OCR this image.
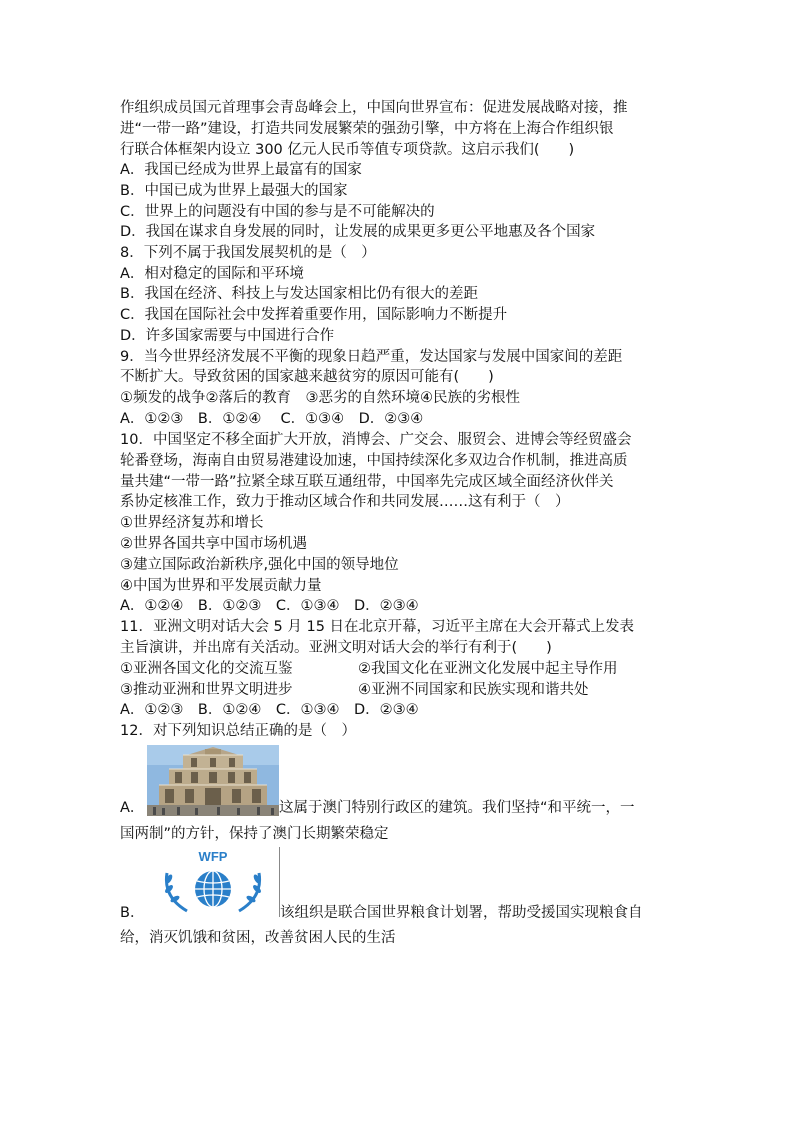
作组织成员国元首理事会青岛峰会上，中国向世界宣布：促进发展战略对接，推
进“一带一路”建设，打造共同发展繁荣的强劲引擎，中方将在上海合作组织银
行联合体框架内设立 300 亿元人民币等值专项贷款。这启示我们(　　)
A．我国已经成为世界上最富有的国家
B．中国已成为世界上最强大的国家
C．世界上的问题没有中国的参与是不可能解决的
D．我国在谋求自身发展的同时，让发展的成果更多更公平地惠及各个国家
8．下列不属于我国发展契机的是（　）
A．相对稳定的国际和平环境
B．我国在经济、科技上与发达国家相比仍有很大的差距
C．我国在国际社会中发挥着重要作用，国际影响力不断提升
D．许多国家需要与中国进行合作
9．当今世界经济发展不平衡的现象日趋严重，发达国家与发展中国家间的差距
不断扩大。导致贫困的国家越来越贫穷的原因可能有(　　)
①频发的战争②落后的教育　③恶劣的自然环境④民族的劣根性
A．①②③　B．①②④　 C．①③④　D．②③④
10．中国坚定不移全面扩大开放，消博会、广交会、服贸会、进博会等经贸盛会
轮番登场，海南自由贸易港建设加速，中国持续深化多双边合作机制，推进高质
量共建“一带一路”拉紧全球互联互通纽带，中国率先完成区域全面经济伙伴关
系协定核准工作，致力于推动区域合作和共同发展……这有利于（　）
①世界经济复苏和增长
②世界各国共享中国市场机遇
③建立国际政治新秩序,强化中国的领导地位
④中国为世界和平发展贡献力量
A．①②④　B．①②③　C．①③④　D．②③④
11．亚洲文明对话大会 5 月 15 日在北京开幕，习近平主席在大会开幕式上发表
主旨演讲，并出席有关活动。亚洲文明对话大会的举行有利于(　　)
①亚洲各国文化的交流互鉴	②我国文化在亚洲文化发展中起主导作用
③推动亚洲和世界文明进步	④亚洲不同国家和民族实现和谐共处
A．①②③　B．①②④　C．①③④　D．②③④
12．对下列知识总结正确的是（　）
A．	这属于澳门特别行政区的建筑。我们坚持“和平统一，一
国两制”的方针，保持了澳门长期繁荣稳定
WFP
B．	该组织是联合国世界粮食计划署，帮助受援国实现粮食自
给，消灭饥饿和贫困，改善贫困人民的生活
